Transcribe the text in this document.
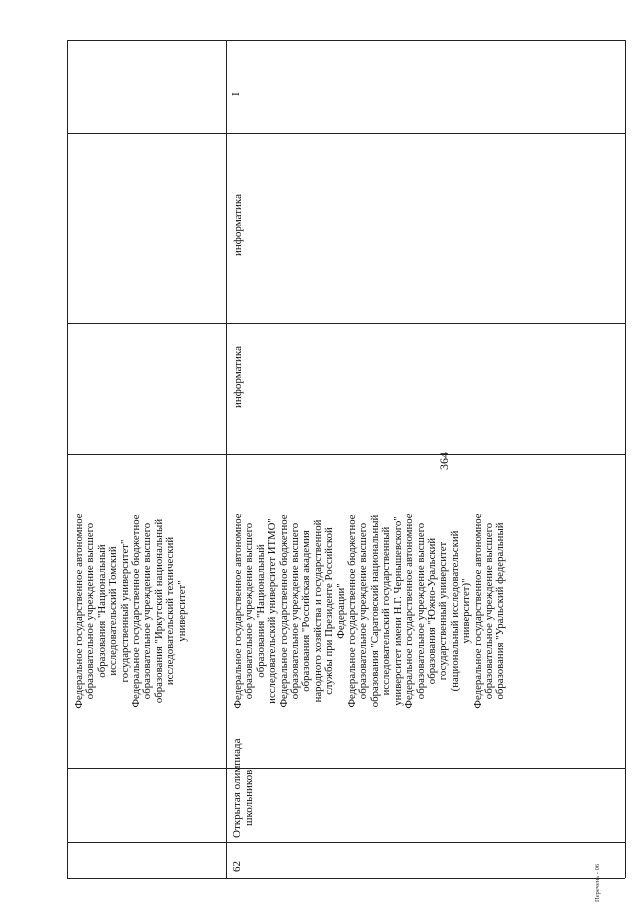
364
Федеральное государственное автономное образовательное учреждение высшего образования "Национальный исследовательский Томский государственный университет" Федеральное государственное бюджетное образовательное учреждение высшего образования "Иркутский национальный исследовательский технический университет"
I
62
Открытая олимпиада школьников
Федеральное государственное автономное образовательное учреждение высшего образования "Национальный исследовательский университет ИТМО" Федеральное государственное бюджетное образовательное учреждение высшего образования "Российская академия народного хозяйства и государственной службы при Президенте Российской Федерации" Федеральное государственное бюджетное образовательное учреждение высшего образования "Саратовский национальный исследовательский государственный университет имени Н.Г. Чернышевского" Федеральное государственное автономное образовательное учреждение высшего образования "Южно-Уральский государственный университет (национальный исследовательский университет)" Федеральное государственное автономное образовательное учреждение высшего образования "Уральский федеральный
информатика
информатика
Перечень - 06
